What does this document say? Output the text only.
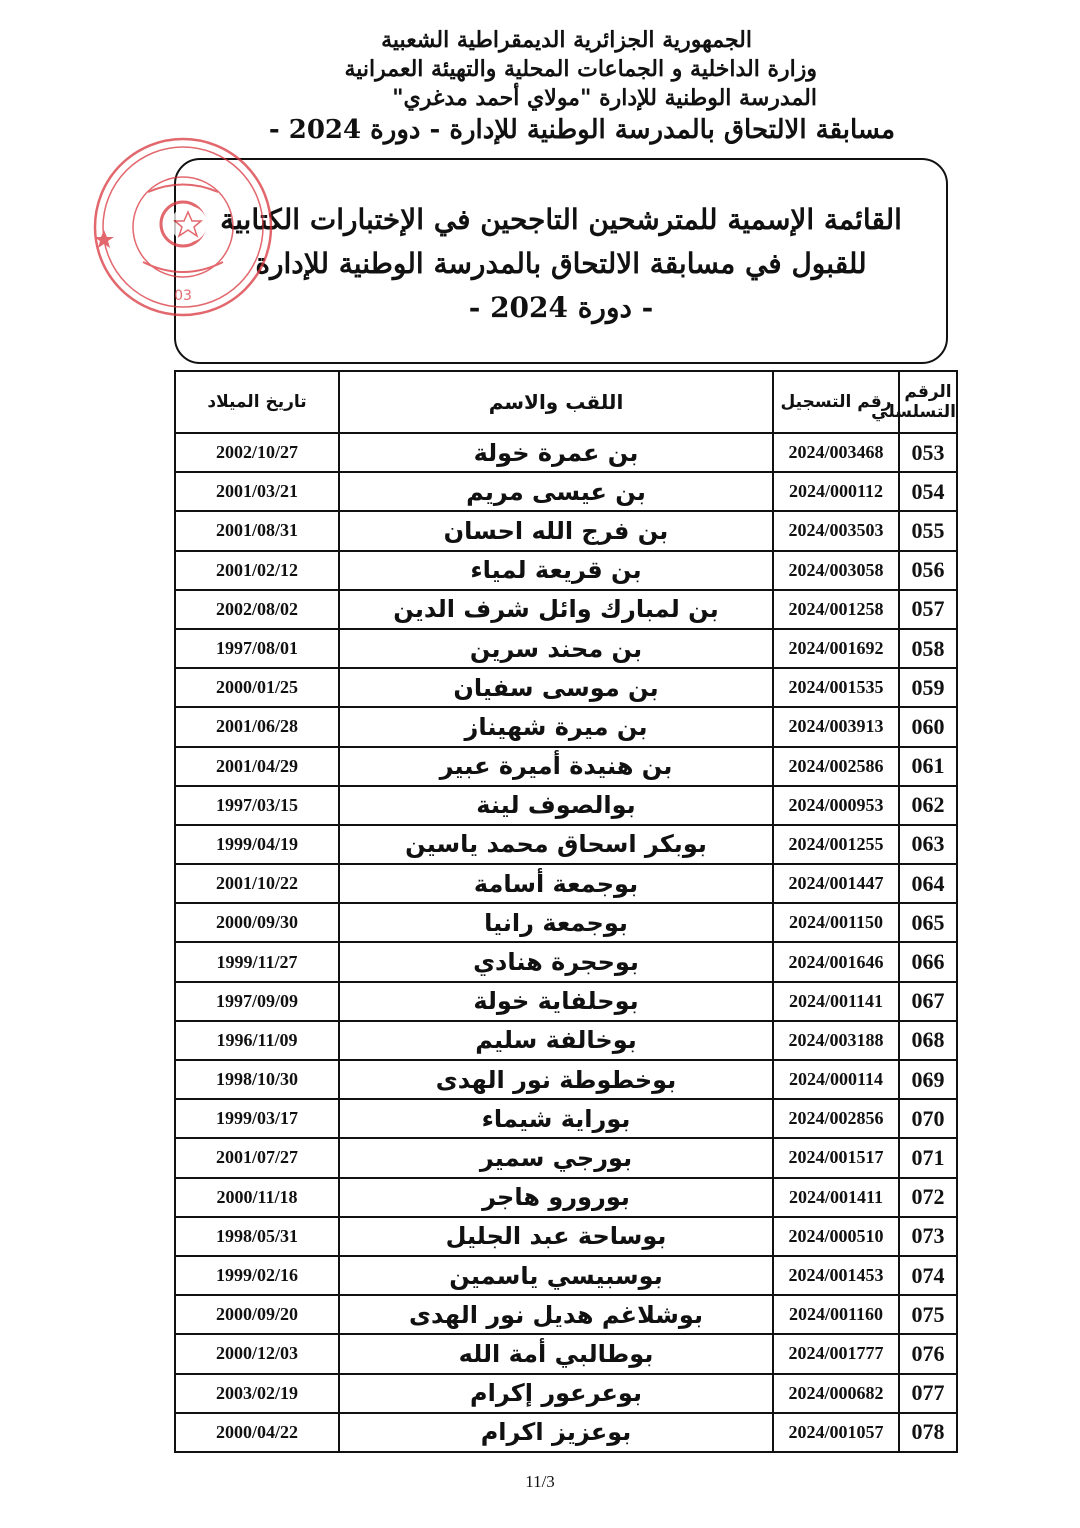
الجمهورية الجزائرية الديمقراطية الشعبية
وزارة الداخلية و الجماعات المحلية والتهيئة العمرانية
المدرسة الوطنية للإدارة "مولاي أحمد مدغري"
مسابقة الالتحاق بالمدرسة الوطنية للإدارة - دورة 2024 -
القائمة الإسمية للمترشحين التاجحين في الإختبارات الكتابية
للقبول في مسابقة الالتحاق بالمدرسة الوطنية للإدارة
- دورة 2024 -
03
الرقم التسلسلي	رقم التسجيل	اللقب والاسم	تاريخ الميلاد
053	2024/003468	بن عمرة خولة	2002/10/27
054	2024/000112	بن عيسى مريم	2001/03/21
055	2024/003503	بن فرج الله احسان	2001/08/31
056	2024/003058	بن قريعة لمياء	2001/02/12
057	2024/001258	بن لمبارك وائل شرف الدين	2002/08/02
058	2024/001692	بن محند سرين	1997/08/01
059	2024/001535	بن موسى سفيان	2000/01/25
060	2024/003913	بن ميرة شهيناز	2001/06/28
061	2024/002586	بن هنيدة أميرة عبير	2001/04/29
062	2024/000953	بوالصوف لينة	1997/03/15
063	2024/001255	بوبكر اسحاق محمد ياسين	1999/04/19
064	2024/001447	بوجمعة أسامة	2001/10/22
065	2024/001150	بوجمعة رانيا	2000/09/30
066	2024/001646	بوحجرة هنادي	1999/11/27
067	2024/001141	بوحلفاية خولة	1997/09/09
068	2024/003188	بوخالفة سليم	1996/11/09
069	2024/000114	بوخطوطة نور الهدى	1998/10/30
070	2024/002856	بوراية شيماء	1999/03/17
071	2024/001517	بورجي سمير	2001/07/27
072	2024/001411	بورورو هاجر	2000/11/18
073	2024/000510	بوساحة عبد الجليل	1998/05/31
074	2024/001453	بوسبيسي ياسمين	1999/02/16
075	2024/001160	بوشلاغم هديل نور الهدى	2000/09/20
076	2024/001777	بوطالبي أمة الله	2000/12/03
077	2024/000682	بوعرعور إكرام	2003/02/19
078	2024/001057	بوعزيز اكرام	2000/04/22
11/3
